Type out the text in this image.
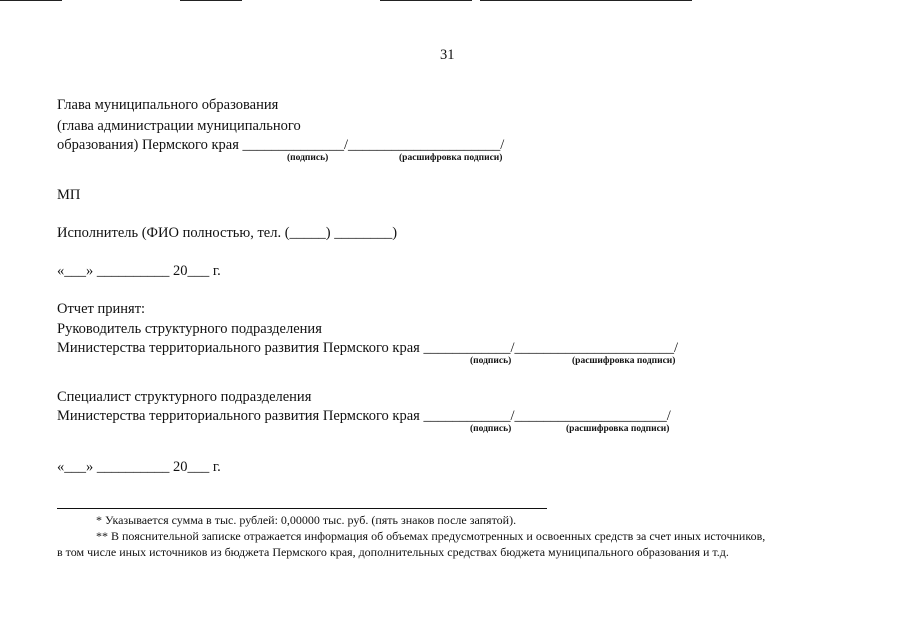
31
Глава муниципального образования
(глава администрации муниципального
образования) Пермского края ______________/_____________________/
(подпись)	(расшифровка подписи)
МП
Исполнитель (ФИО полностью, тел. (_____) ________)
«___» __________ 20___ г.
Отчет принят:
Руководитель структурного подразделения
Министерства территориального развития Пермского края ____________/______________________/
(подпись)	(расшифровка подписи)
Специалист структурного подразделения
Министерства территориального развития Пермского края ____________/_____________________/
(подпись)	(расшифровка подписи)
«___» __________ 20___ г.
* Указывается сумма в тыс. рублей: 0,00000 тыс. руб. (пять знаков после запятой).
** В пояснительной записке отражается информация об объемах предусмотренных и освоенных средств за счет иных источников,
в том числе иных источников из бюджета Пермского края, дополнительных средствах бюджета муниципального образования и т.д.
